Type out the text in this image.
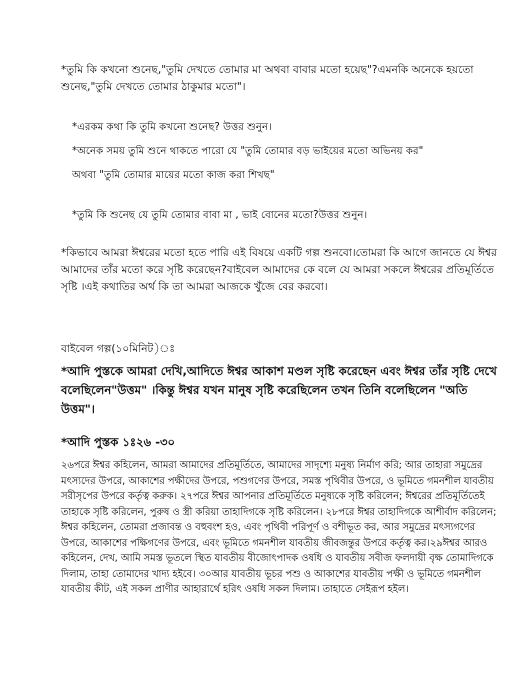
*তুমি কি কখনো শুনেছ,"তুমি দেখতে তোমার মা অথবা বাবার মতো হয়েছ"?এমনকি অনেকে হয়তো শুনেছ,"তুমি দেখতে তোমার ঠাকুমার মতো"।

*এরকম কথা কি তুমি কখনো শুনেছ? উত্তর শুনুন।

*অনেক সময় তুমি শুনে থাকতে পারো যে "তুমি তোমার বড় ভাইয়ের মতো অভিনয় কর"

অথবা "তুমি তোমার মায়ের মতো কাজ করা শিখছ"

*তুমি কি শুনেছ যে তুমি তোমার বাবা মা , ভাই বোনের মতো?উত্তর শুনুন।

*কিভাবে আমরা ঈশ্বরের মতো হতে পারি এই বিষয়ে একটি গল্প শুনবো।তোমরা কি আগে জানতে যে ঈশ্বর আমাদের তাঁর মতো করে সৃষ্টি করেছেন?বাইবেল আমাদের কে বলে যে আমরা সকলে ঈশ্বরের প্রতিমূর্তিতে সৃষ্টি ।এই কথাতির অর্থ কি তা আমরা আজকে খুঁজে বের করবো।

বাইবেল গল্প(১০মিনিট)ঃ

*আদি পুস্তকে আমরা দেখি,আদিতে ঈশ্বর আকাশ মণ্ডল সৃষ্টি করেছেন এবং ঈশ্বর তাঁর সৃষ্টি দেখে বলেছিলেন"উত্তম" ।কিন্তু ঈশ্বর যখন মানুষ সৃষ্টি করেছিলেন তখন তিনি বলেছিলেন "অতি উত্তম"।

*আদি পুস্তক ১ঃ২৬ -৩০

২৬পরে ঈশ্বর কহিলেন, আমরা আমাদের প্রতিমূর্তিতে, আমাদের সাদৃশ্যে মনুষ্য নির্মাণ করি; আর তাহারা সমুদ্রের মৎস্যদের উপরে, আকাশের পক্ষীদের উপরে, পশুগণের উপরে, সমস্ত পৃথিবীর উপরে, ও ভূমিতে গমনশীল যাবতীয় সরীসৃপের উপরে কর্তৃত্ব করুক। ২৭পরে ঈশ্বর আপনার প্রতিমূর্তিতে মনুষ্যকে সৃষ্টি করিলেন; ঈশ্বরের প্রতিমূর্তিতেই তাহাকে সৃষ্টি করিলেন, পুরুষ ও স্ত্রী করিয়া তাহাদিগকে সৃষ্টি করিলেন। ২৮পরে ঈশ্বর তাহাদিগকে আশীর্বাদ করিলেন; ঈশ্বর কহিলেন, তোমরা প্রজাবন্ত ও বহুবংশ হও, এবং পৃথিবী পরিপূর্ণ ও বশীভূত কর, আর সমুদ্রের মৎস্যগণের উপরে, আকাশের পক্ষিগণের উপরে, এবং ভূমিতে গমনশীল যাবতীয় জীবজন্তুর উপরে কর্তৃত্ব কর।২৯ঈশ্বর আরও কহিলেন, দেখ, আমি সমস্ত ভূতলে স্থিত যাবতীয় বীজোৎপাদক ওষধি ও যাবতীয় সবীজ ফলদায়ী বৃক্ষ তোমাদিগকে দিলাম, তাহা তোমাদের খাদ্য হইবে। ৩০আর যাবতীয় ভূচর পশু ও আকাশের যাবতীয় পক্ষী ও ভূমিতে গমনশীল যাবতীয় কীট, এই সকল প্রাণীর আহারার্থে হরিৎ ওষধি সকল দিলাম। তাহাতে সেইরূপ হইল।
